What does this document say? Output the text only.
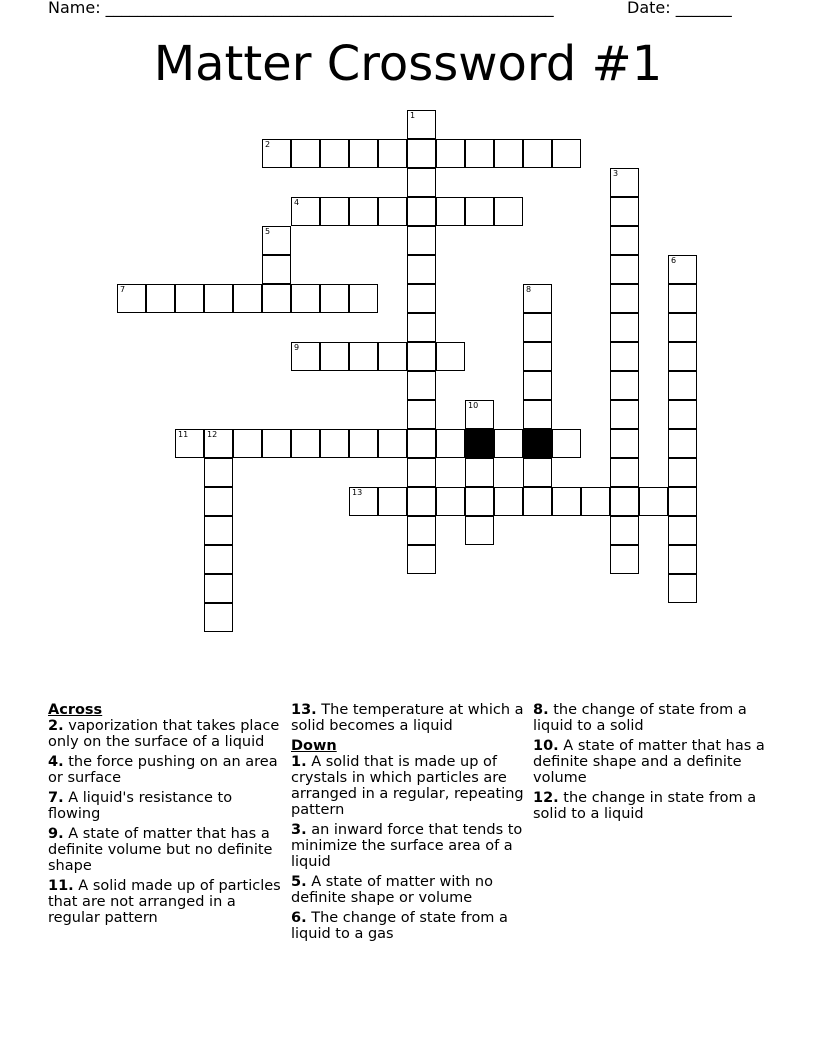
Name: ________________________________________________________	Date: _______
Matter Crossword #1
1
2
3
4
5
6
7	8
9
10
11 12
13
Across
2. vaporization that takes place only on the surface of a liquid
4. the force pushing on an area or surface
7. A liquid's resistance to flowing
9. A state of matter that has a definite volume but no definite shape
11. A solid made up of particles that are not arranged in a regular pattern
13. The temperature at which a solid becomes a liquid
Down
1. A solid that is made up of crystals in which particles are arranged in a regular, repeating pattern
3. an inward force that tends to minimize the surface area of a liquid
5. A state of matter with no definite shape or volume
6. The change of state from a liquid to a gas
8. the change of state from a liquid to a solid
10. A state of matter that has a definite shape and a definite volume
12. the change in state from a solid to a liquid
